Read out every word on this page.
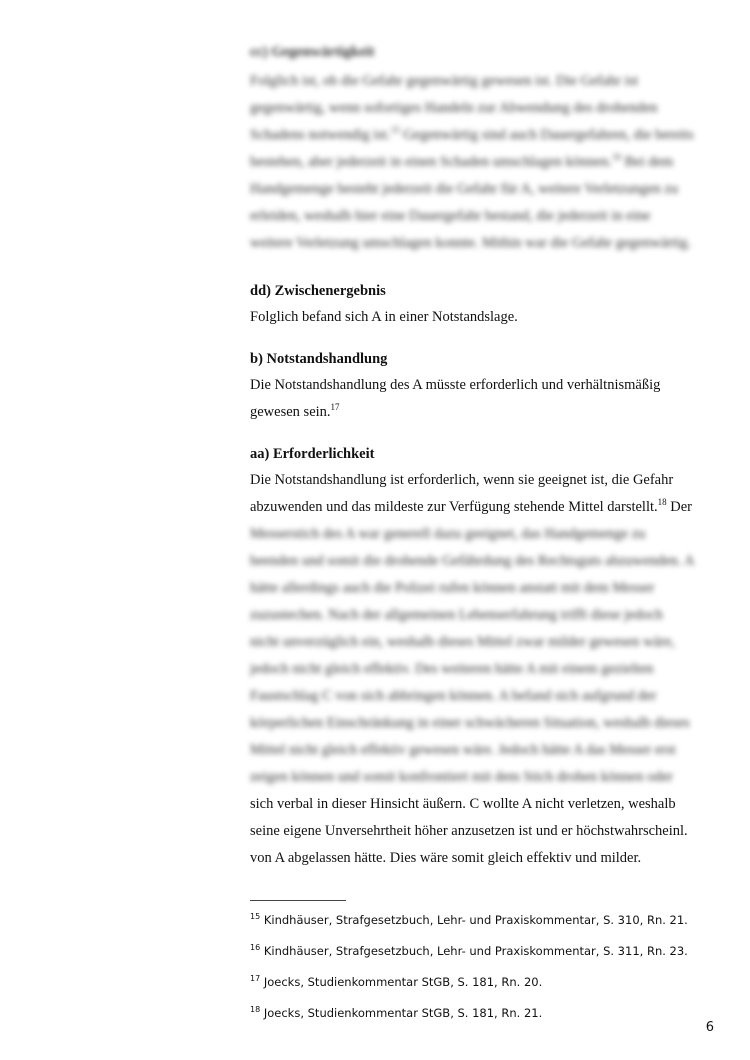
cc) Gegenwärtigkeit

Folglich ist, ob die Gefahr gegenwärtig gewesen ist. Die Gefahr ist

gegenwärtig, wenn sofortiges Handeln zur Abwendung des drohenden

Schadens notwendig ist.$^{15}$ Gegenwärtig sind auch Dauergefahren, die bereits

bestehen, aber jederzeit in einen Schaden umschlagen können.$^{16}$ Bei dem

Handgemenge besteht jederzeit die Gefahr für A, weitere Verletzungen zu

erleiden, weshalb hier eine Dauergefahr bestand, die jederzeit in eine

weitere Verletzung umschlagen konnte. Mithin war die Gefahr gegenwärtig.

dd) Zwischenergebnis

Folglich befand sich A in einer Notstandslage.

b) Notstandshandlung

Die Notstandshandlung des A müsste erforderlich und verhältnismäßig

gewesen sein.$^{17}$

aa) Erforderlichkeit

Die Notstandshandlung ist erforderlich, wenn sie geeignet ist, die Gefahr

abzuwenden und das mildeste zur Verfügung stehende Mittel darstellt.$^{18}$ Der

Messerstich des A war generell dazu geeignet, das Handgemenge zu

beenden und somit die drohende Gefährdung des Rechtsguts abzuwenden. A

hätte allerdings auch die Polizei rufen können anstatt mit dem Messer

zuzustechen. Nach der allgemeinen Lebenserfahrung trifft diese jedoch

nicht unverzüglich ein, weshalb dieses Mittel zwar milder gewesen wäre,

jedoch nicht gleich effektiv. Des weiteren hätte A mit einem gezielten

Faustschlag C von sich abbringen können. A befand sich aufgrund der

körperlichen Einschränkung in einer schwächeren Situation, weshalb dieses

Mittel nicht gleich effektiv gewesen wäre. Jedoch hätte A das Messer erst

zeigen können und somit konfrontiert mit dem Stich drohen können oder

sich verbal in dieser Hinsicht äußern. C wollte A nicht verletzen, weshalb

seine eigene Unversehrtheit höher anzusetzen ist und er höchstwahrscheinl.

von A abgelassen hätte. Dies wäre somit gleich effektiv und milder.

$^{15}$ Kindhäuser, Strafgesetzbuch, Lehr- und Praxiskommentar, S. 310, Rn. 21.
$^{16}$ Kindhäuser, Strafgesetzbuch, Lehr- und Praxiskommentar, S. 311, Rn. 23.
$^{17}$ Joecks, Studienkommentar StGB, S. 181, Rn. 20.
$^{18}$ Joecks, Studienkommentar StGB, S. 181, Rn. 21.
6
